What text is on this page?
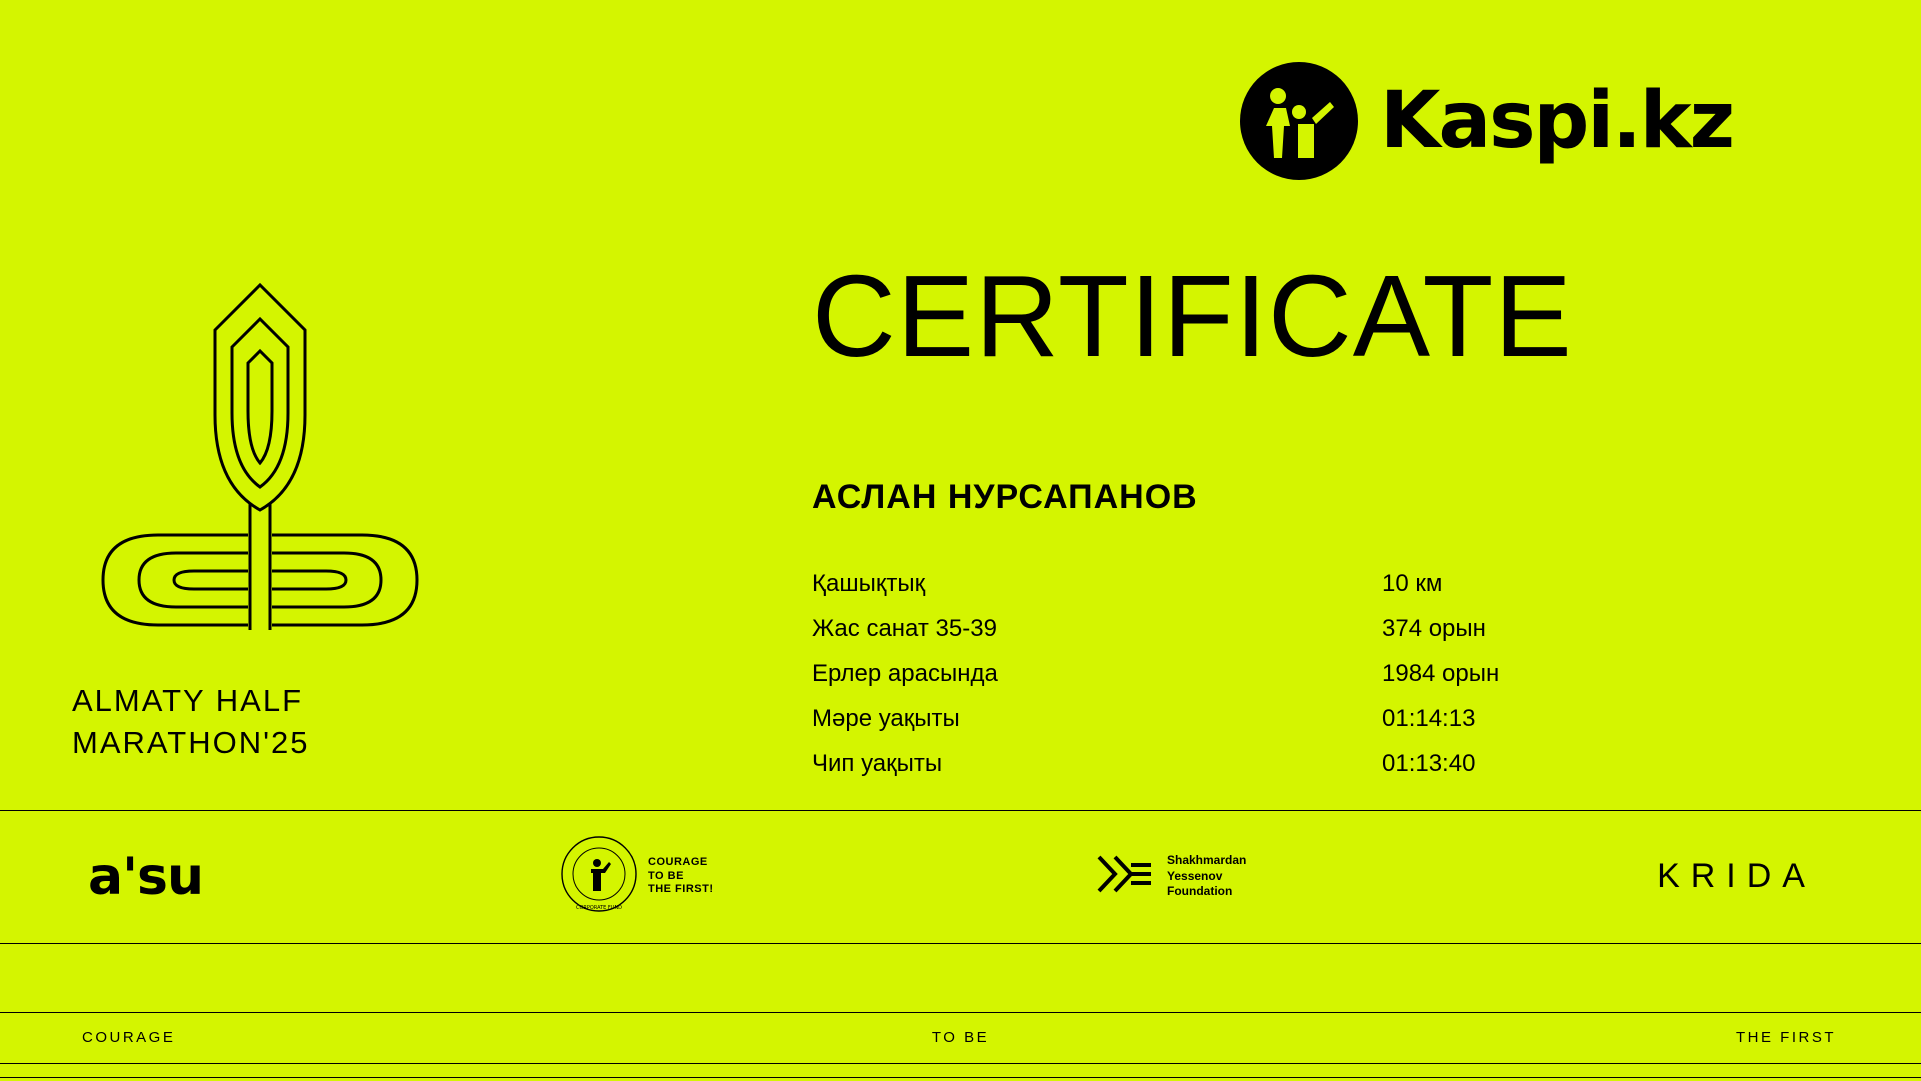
Kaspi.kz
CERTIFICATE
АСЛАН НУРСАПАНОВ
Қашықтық	10 км
Жас санат 35-39	374 орын
Ерлер арасында	1984 орын
Мәре уақыты	01:14:13
Чип уақыты	01:13:40
ALMATY HALF
MARATHON'25
a'su
CORPORATE FUND
COURAGE
TO BE
THE FIRST!
Shakhmardan
Yessenov
Foundation	KRIDA
COURAGE	TO BE	THE FIRST
